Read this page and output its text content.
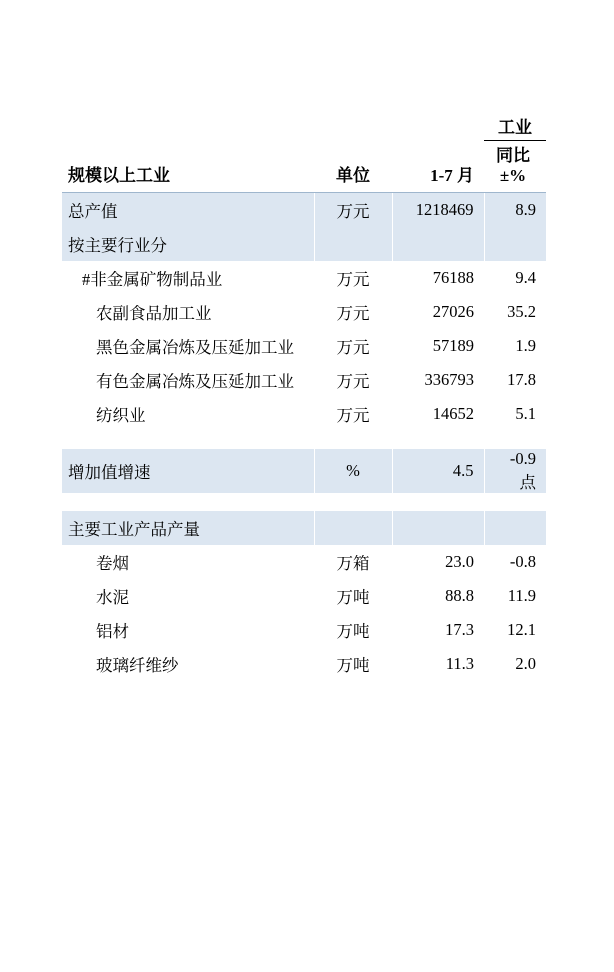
			工业
规模以上工业	单位	1-7 月	同比
±%

总产值	万元	1218469	8.9
按主要行业分			
#非金属矿物制品业	万元	76188	9.4
农副食品加工业	万元	27026	35.2
黑色金属冶炼及压延加工业	万元	57189	1.9
有色金属冶炼及压延加工业	万元	336793	17.8
纺织业	万元	14652	5.1

增加值增速	%	4.5	-0.9 点

主要工业产品产量			
卷烟	万箱	23.0	-0.8
水泥	万吨	88.8	11.9
铝材	万吨	17.3	12.1
玻璃纤维纱	万吨	11.3	2.0
